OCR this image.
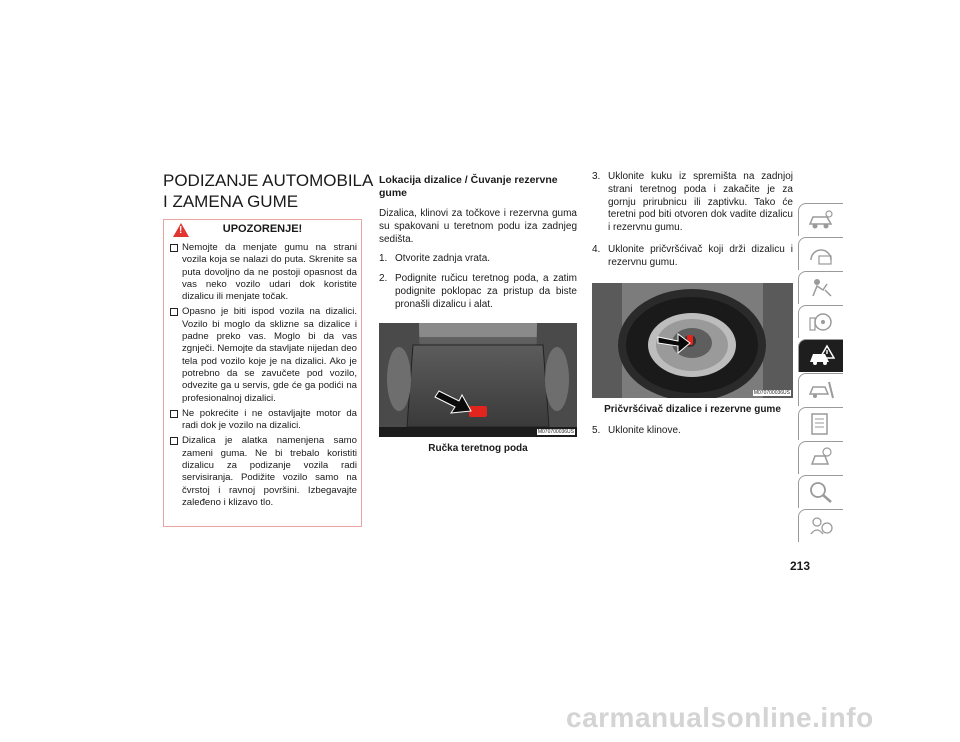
PODIZANJE AUTOMOBILA I ZAMENA GUME
!	UPOZORENJE!
Nemojte da menjate gumu na strani vozila koja se nalazi do puta. Skrenite sa puta dovoljno da ne postoji opasnost da vas neko vozilo udari dok koristite dizalicu ili menjate točak.
Opasno je biti ispod vozila na dizalici. Vozilo bi moglo da sklizne sa dizalice i padne preko vas. Moglo bi da vas zgnječi. Nemojte da stavljate nijedan deo tela pod vozilo koje je na dizalici. Ako je potrebno da se zavučete pod vozilo, odvezite ga u servis, gde će ga podići na profesionalnoj dizalici.
Ne pokrećite i ne ostavljajte motor da radi dok je vozilo na dizalici.
Dizalica je alatka namenjena samo zameni guma. Ne bi trebalo koristiti dizalicu za podizanje vozila radi servisiranja. Podižite vozilo samo na čvrstoj i ravnoj površini. Izbegavajte zaleđeno i klizavo tlo.
Lokacija dizalice / Čuvanje rezervne gume

Dizalica, klinovi za točkove i rezervna guma su spakovani u teretnom podu iza zadnjeg sedišta.

1. Otvorite zadnja vrata.
2. Podignite ručicu teretnog poda, a zatim podignite poklopac za pristup da biste pronašli dizalicu i alat.
M070700036US
Ručka teretnog poda
3. Uklonite kuku iz spremišta na zadnjoj strani teretnog poda i zakačite je za gornju prirubnicu ili zaptivku. Tako će teretni pod biti otvoren dok vadite dizalicu i rezervnu gumu.
4. Uklonite pričvršćivač koji drži dizalicu i rezervnu gumu.
M070700036US
Pričvršćivač dizalice i rezervne gume
5. Uklonite klinove.
213
carmanualsonline.info
